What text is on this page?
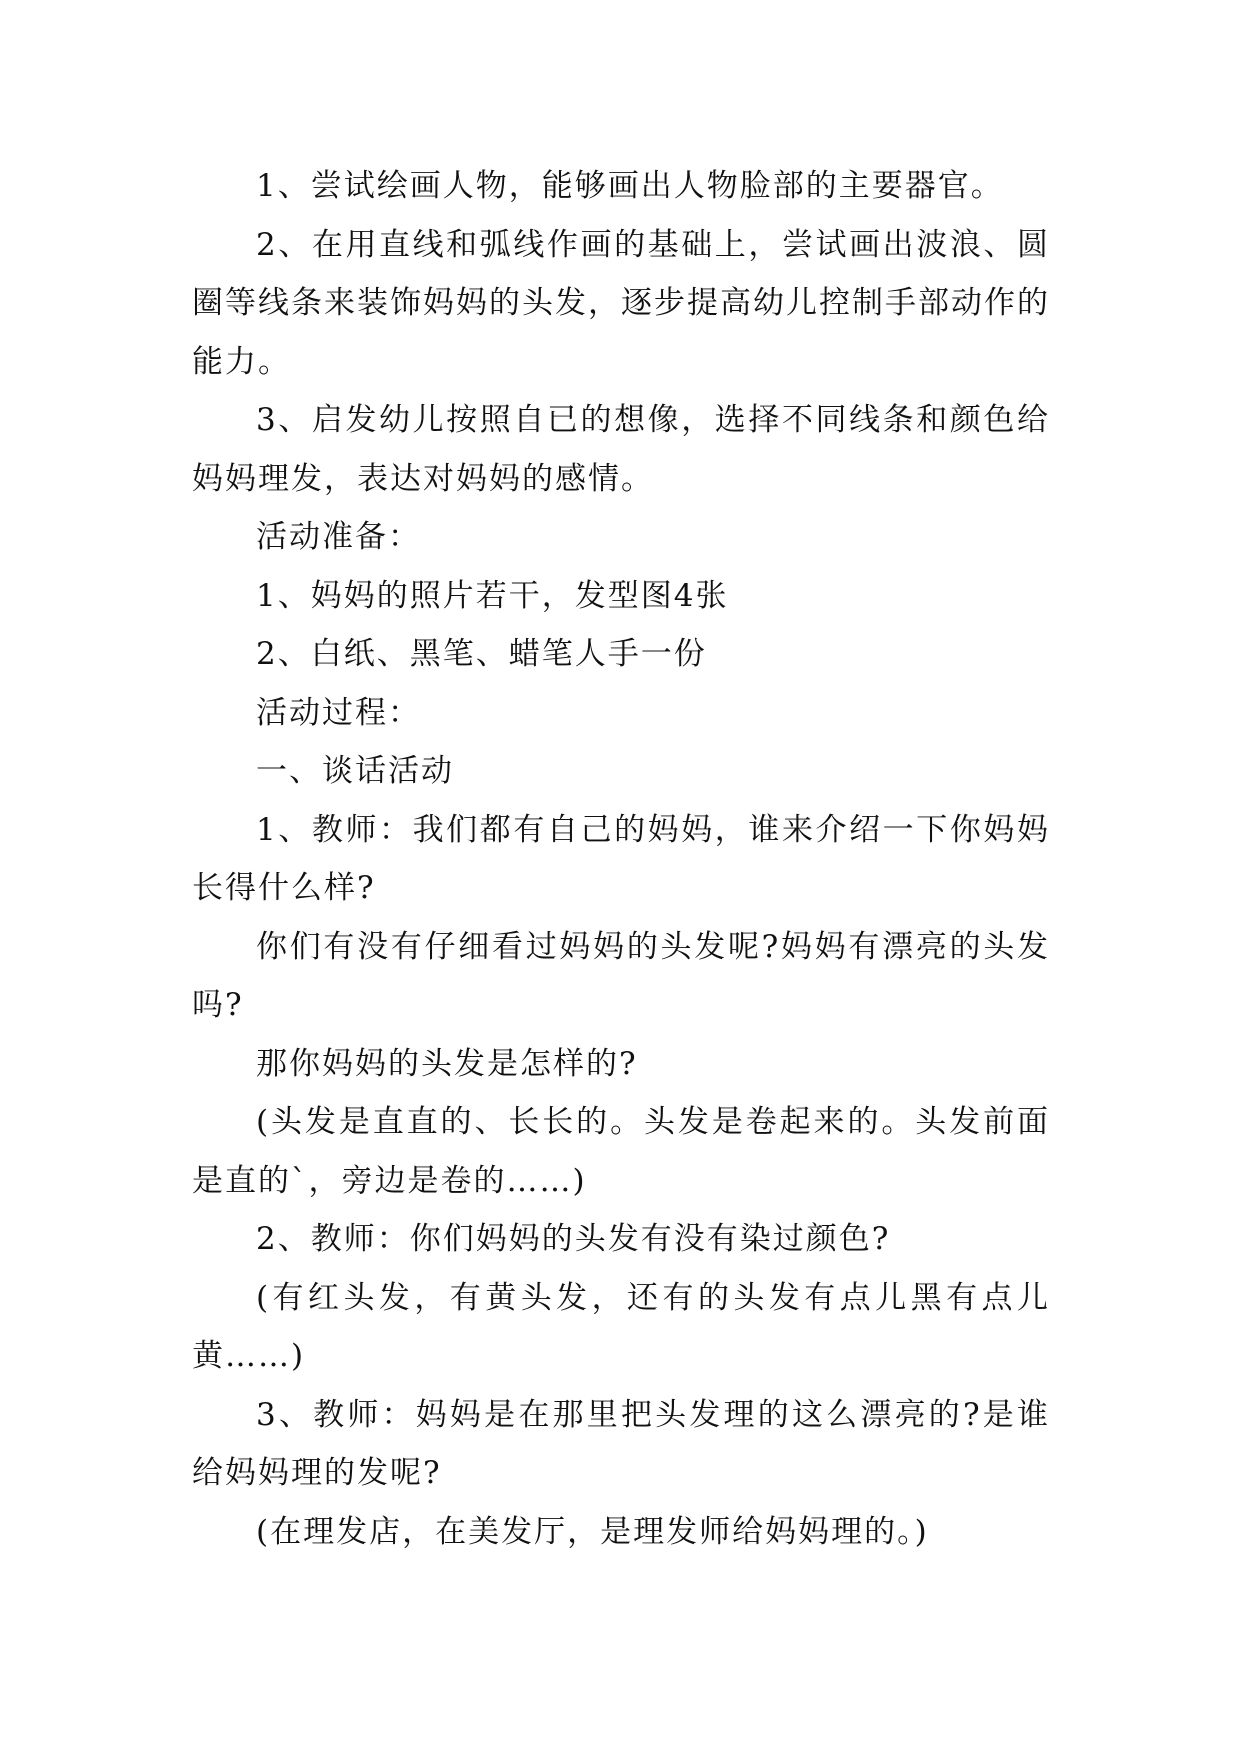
1、尝试绘画人物，能够画出人物脸部的主要器官。

2、在用直线和弧线作画的基础上，尝试画出波浪、圆圈等线条来装饰妈妈的头发，逐步提高幼儿控制手部动作的能力。

3、启发幼儿按照自已的想像，选择不同线条和颜色给妈妈理发，表达对妈妈的感情。

活动准备：

1、妈妈的照片若干，发型图4张

2、白纸、黑笔、蜡笔人手一份

活动过程：

一、谈话活动

1、教师：我们都有自己的妈妈，谁来介绍一下你妈妈长得什么样?

你们有没有仔细看过妈妈的头发呢?妈妈有漂亮的头发吗?

那你妈妈的头发是怎样的?

(头发是直直的、长长的。头发是卷起来的。头发前面是直的`，旁边是卷的……)

2、教师：你们妈妈的头发有没有染过颜色?

(有红头发，有黄头发，还有的头发有点儿黑有点儿黄……)

3、教师：妈妈是在那里把头发理的这么漂亮的?是谁给妈妈理的发呢?

(在理发店，在美发厅，是理发师给妈妈理的。)
